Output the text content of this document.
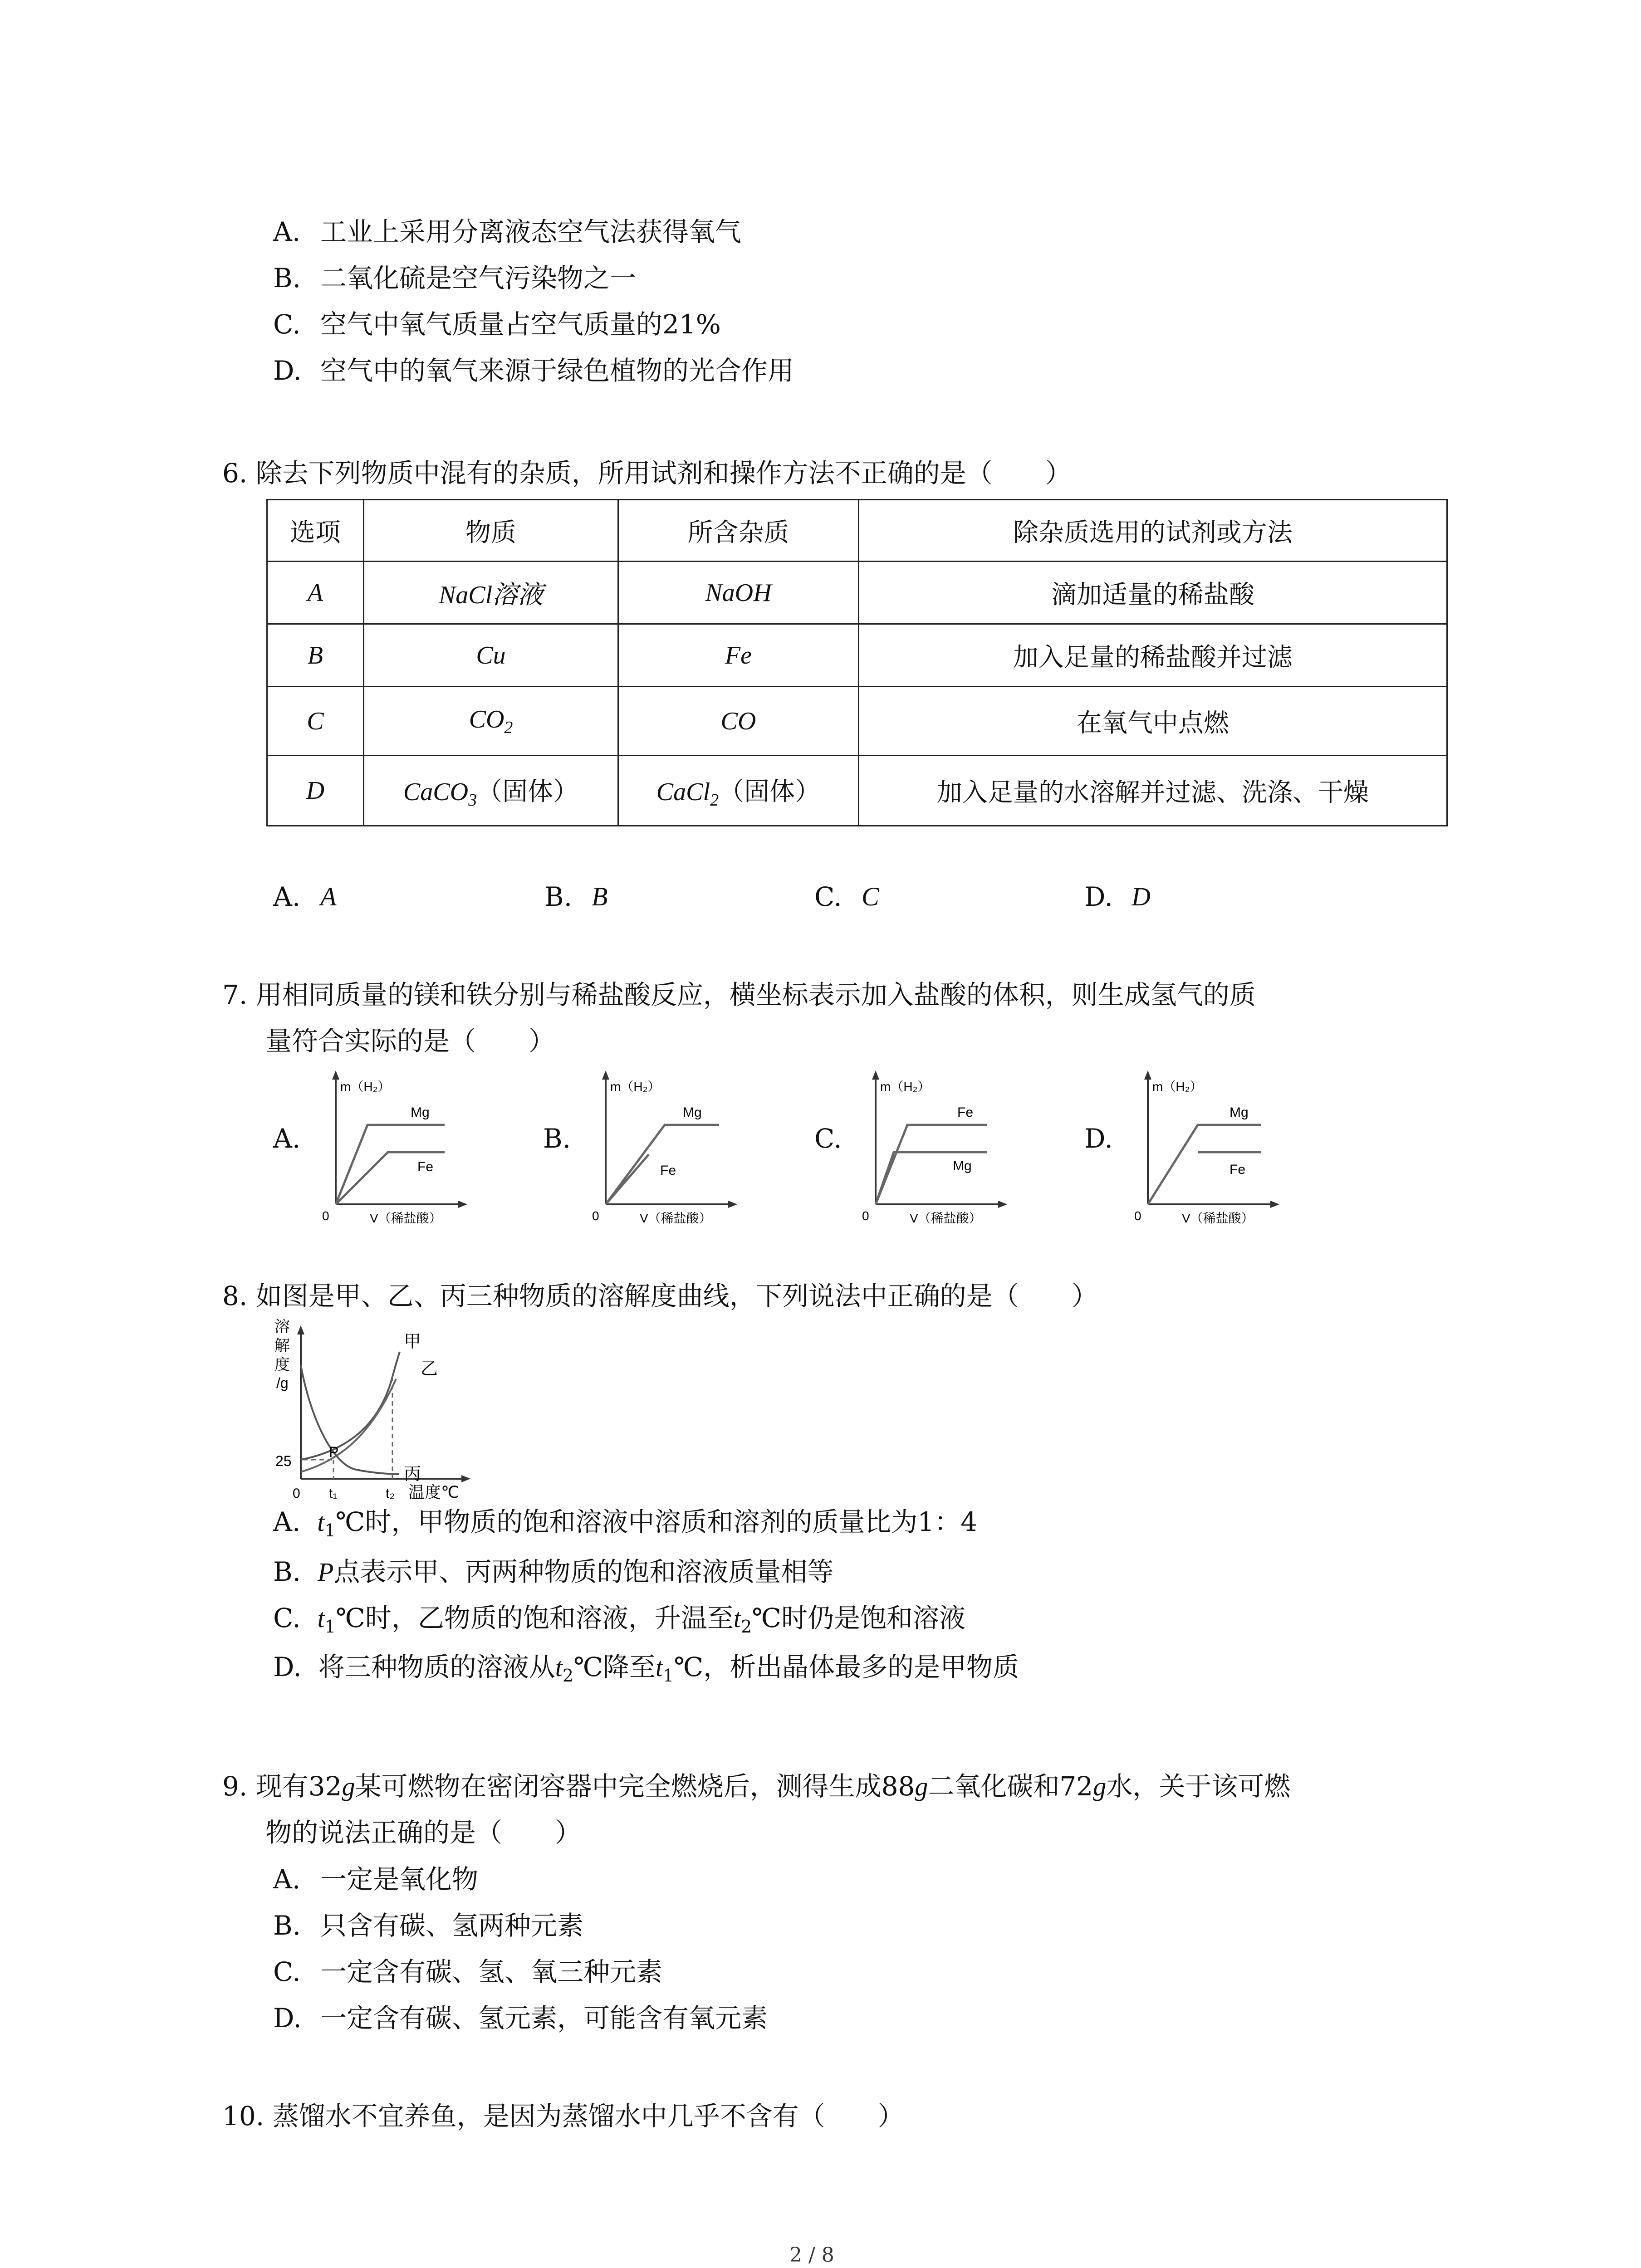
A. 工业上采用分离液态空气法获得氧气
B. 二氧化硫是空气污染物之一
C. 空气中氧气质量占空气质量的21%
D. 空气中的氧气来源于绿色植物的光合作用
6. 除去下列物质中混有的杂质，所用试剂和操作方法不正确的是（　　）
选项	物质	所含杂质	除杂质选用的试剂或方法
A	NaCl溶液	NaOH	滴加适量的稀盐酸
B	Cu	Fe	加入足量的稀盐酸并过滤
C	$CO_2$	CO	在氧气中点燃
D	CaCO$_3$（固体）	CaCl$_2$（固体）	加入足量的水溶解并过滤、洗涤、干燥
A. A	B. B	C. C	D. D
7. 用相同质量的镁和铁分别与稀盐酸反应，横坐标表示加入盐酸的体积，则生成氢气的质
量符合实际的是（　　）
A.
m（H₂）
Mg
Fe
0	V（稀盐酸）
B.
m（H₂）
Mg
Fe
0	V（稀盐酸）
C.
m（H₂）
Fe
Mg
0	V（稀盐酸）
D.
m（H₂）
Mg
Fe
0	V（稀盐酸）
8. 如图是甲、乙、丙三种物质的溶解度曲线，下列说法中正确的是（　　）
溶
解
度
/g
25
P
0 t₁	t₂ 温度℃
甲
乙
丙
A. $t_1℃$时，甲物质的饱和溶液中溶质和溶剂的质量比为1：4
B. P点表示甲、丙两种物质的饱和溶液质量相等
C. $t_1℃$时，乙物质的饱和溶液，升温至$t_2℃$时仍是饱和溶液
D. 将三种物质的溶液从$t_2℃$降至$t_1℃$，析出晶体最多的是甲物质
9. 现有32g某可燃物在密闭容器中完全燃烧后，测得生成88g二氧化碳和72g水，关于该可燃
物的说法正确的是（　　）
A. 一定是氧化物
B. 只含有碳、氢两种元素
C. 一定含有碳、氢、氧三种元素
D. 一定含有碳、氢元素，可能含有氧元素
10. 蒸馏水不宜养鱼，是因为蒸馏水中几乎不含有（　　）
2 / 8
